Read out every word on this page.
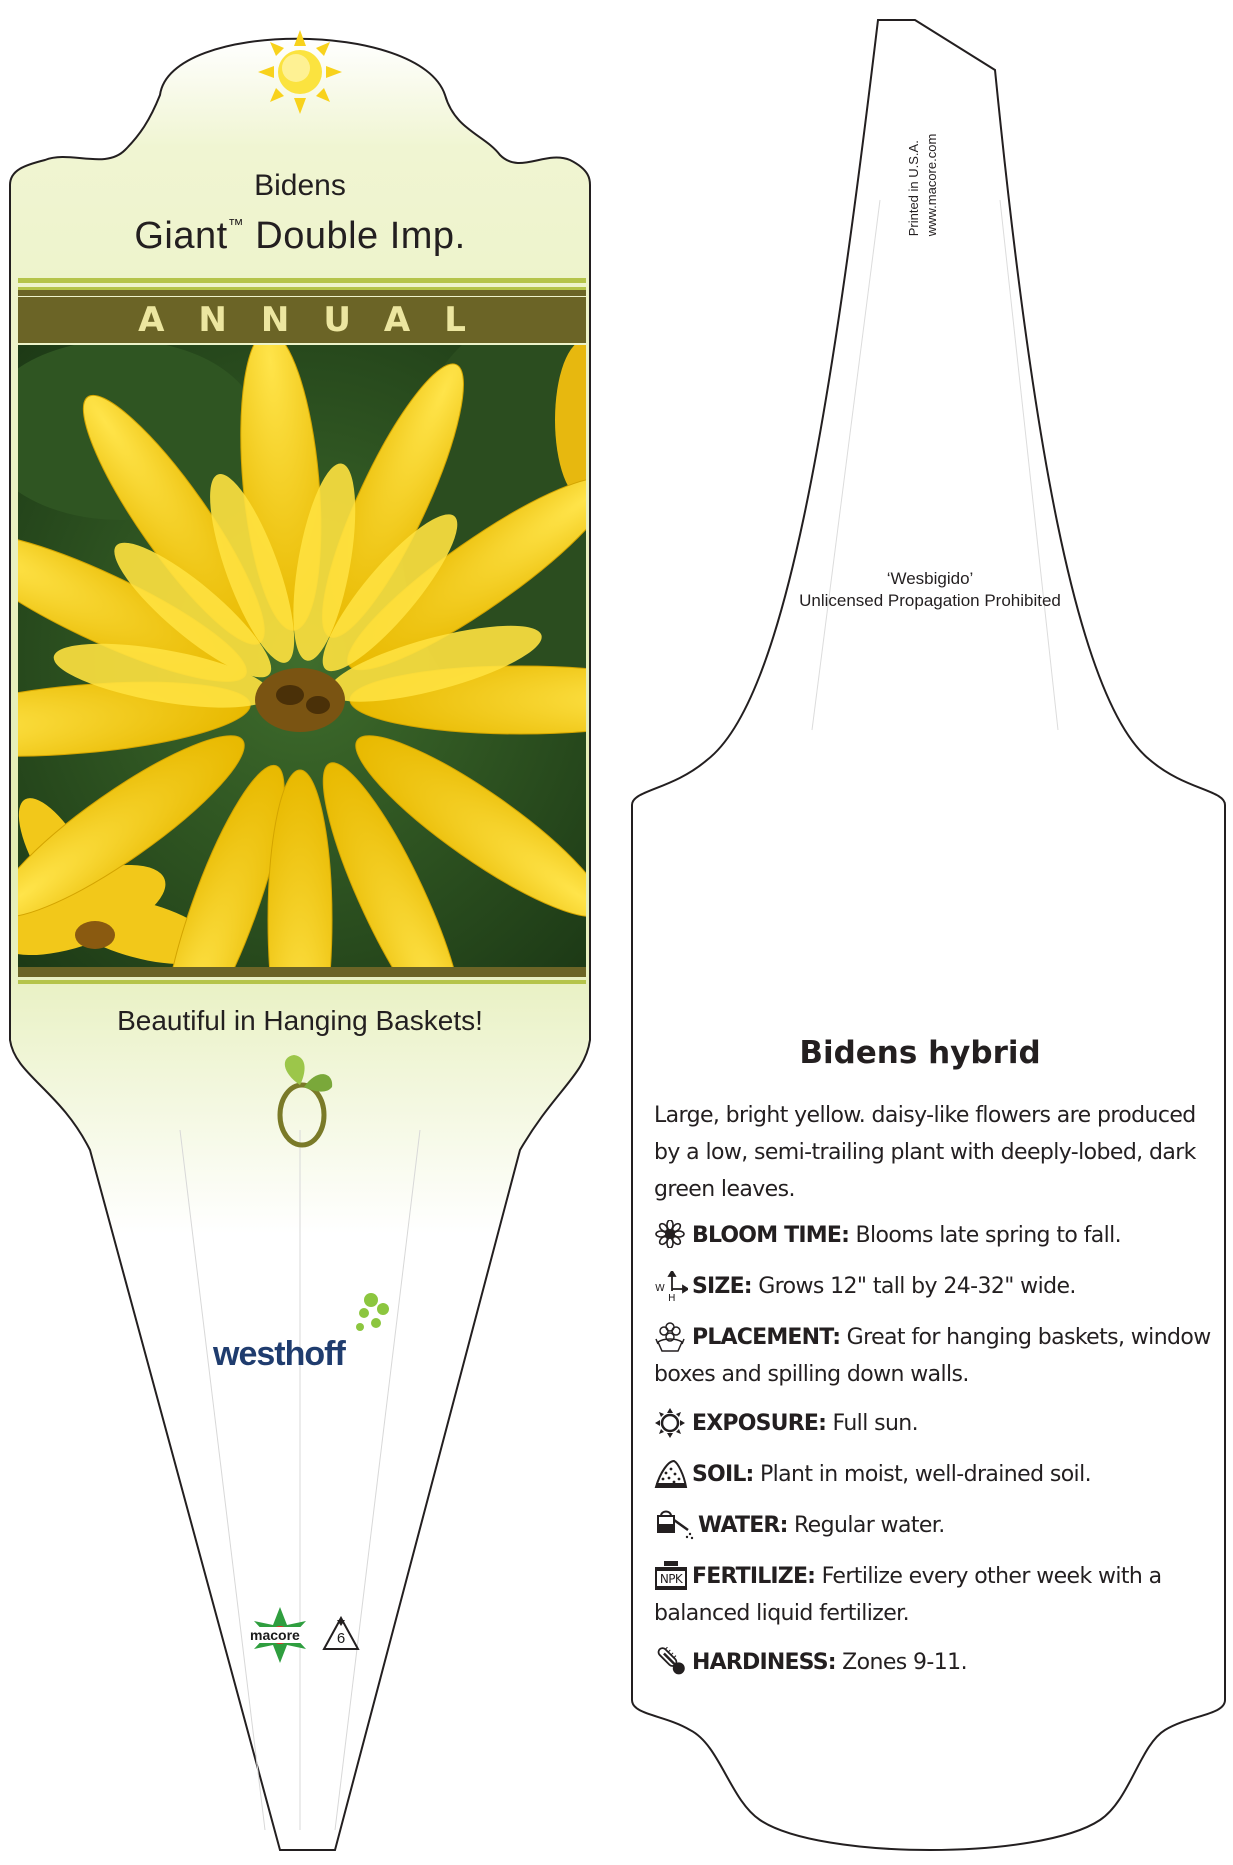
Bidens
Giant™ Double Imp.
ANNUAL
Beautiful in Hanging Baskets!
westhoff
macore 6
Printed in U.S.A. www.macore.com
‘Wesbigido’
Unlicensed Propagation Prohibited
Bidens hybrid
Large, bright yellow. daisy-like flowers are produced by a low, semi-trailing plant with deeply-lobed, dark green leaves.
BLOOM TIME: Blooms late spring to fall.
W
H SIZE: Grows 12" tall by 24-32" wide.
PLACEMENT: Great for hanging baskets, window boxes and spilling down walls.
EXPOSURE: Full sun.
SOIL: Plant in moist, well-drained soil.
WATER: Regular water.
NPK FERTILIZE: Fertilize every other week with a balanced liquid fertilizer.
HARDINESS: Zones 9-11.
